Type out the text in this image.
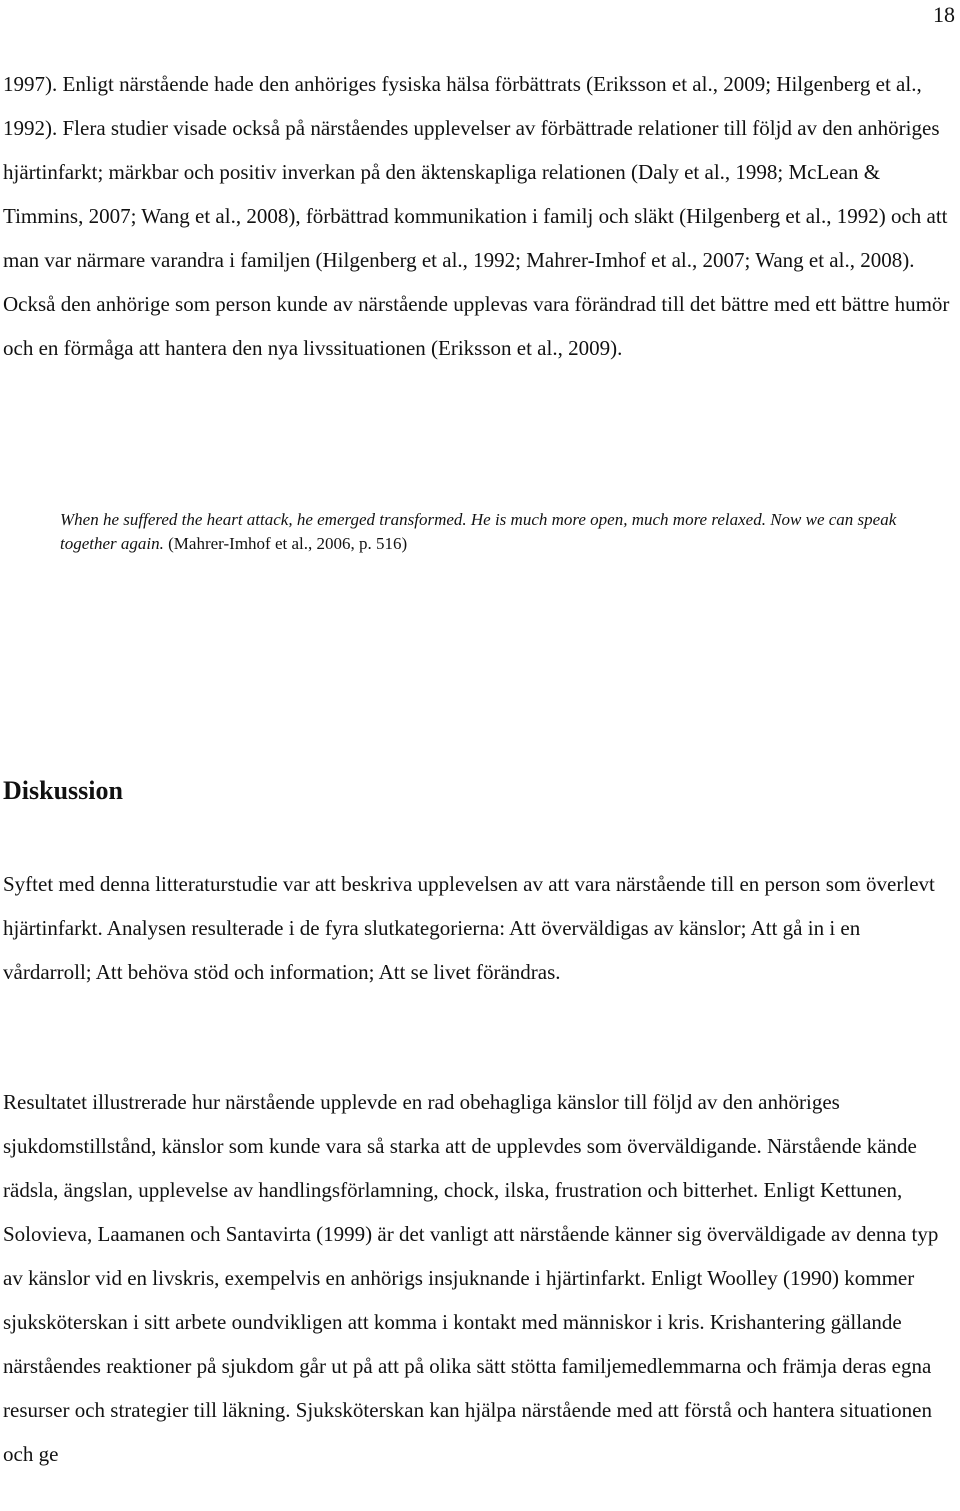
18

1997). Enligt närstående hade den anhöriges fysiska hälsa förbättrats (Eriksson et al., 2009; Hilgenberg et al., 1992). Flera studier visade också på närståendes upplevelser av förbättrade relationer till följd av den anhöriges hjärtinfarkt; märkbar och positiv inverkan på den äktenskapliga relationen (Daly et al., 1998; McLean & Timmins, 2007; Wang et al., 2008), förbättrad kommunikation i familj och släkt (Hilgenberg et al., 1992) och att man var närmare varandra i familjen (Hilgenberg et al., 1992; Mahrer-Imhof et al., 2007; Wang et al., 2008). Också den anhörige som person kunde av närstående upplevas vara förändrad till det bättre med ett bättre humör och en förmåga att hantera den nya livssituationen (Eriksson et al., 2009).

When he suffered the heart attack, he emerged transformed. He is much more open, much more relaxed. Now we can speak together again. (Mahrer-Imhof et al., 2006, p. 516)

Diskussion

Syftet med denna litteraturstudie var att beskriva upplevelsen av att vara närstående till en person som överlevt hjärtinfarkt. Analysen resulterade i de fyra slutkategorierna: Att överväldigas av känslor; Att gå in i en vårdarroll; Att behöva stöd och information; Att se livet förändras.

Resultatet illustrerade hur närstående upplevde en rad obehagliga känslor till följd av den anhöriges sjukdomstillstånd, känslor som kunde vara så starka att de upplevdes som överväldigande. Närstående kände rädsla, ängslan, upplevelse av handlingsförlamning, chock, ilska, frustration och bitterhet. Enligt Kettunen, Solovieva, Laamanen och Santavirta (1999) är det vanligt att närstående känner sig överväldigade av denna typ av känslor vid en livskris, exempelvis en anhörigs insjuknande i hjärtinfarkt. Enligt Woolley (1990) kommer sjuksköterskan i sitt arbete oundvikligen att komma i kontakt med människor i kris. Krishantering gällande närståendes reaktioner på sjukdom går ut på att på olika sätt stötta familjemedlemmarna och främja deras egna resurser och strategier till läkning. Sjuksköterskan kan hjälpa närstående med att förstå och hantera situationen och ge
